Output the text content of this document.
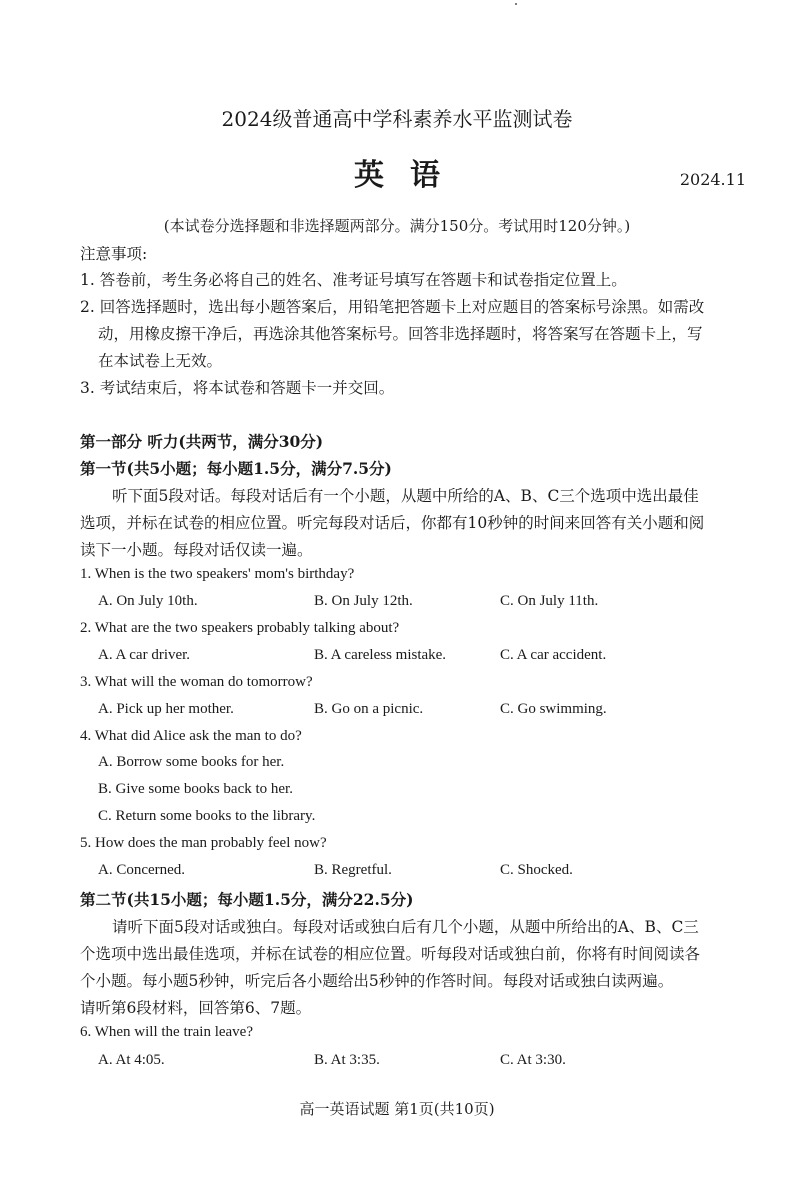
2024级普通高中学科素养水平监测试卷
英语	2024.11
(本试卷分选择题和非选择题两部分。满分150分。考试用时120分钟。)
注意事项:
1. 答卷前，考生务必将自己的姓名、准考证号填写在答题卡和试卷指定位置上。
2. 回答选择题时，选出每小题答案后，用铅笔把答题卡上对应题目的答案标号涂黑。如需改
动，用橡皮擦干净后，再选涂其他答案标号。回答非选择题时，将答案写在答题卡上，写
在本试卷上无效。
3. 考试结束后，将本试卷和答题卡一并交回。
第一部分 听力(共两节，满分30分)
第一节(共5小题；每小题1.5分，满分7.5分)
听下面5段对话。每段对话后有一个小题，从题中所给的A、B、C三个选项中选出最佳
选项，并标在试卷的相应位置。听完每段对话后，你都有10秒钟的时间来回答有关小题和阅
读下一小题。每段对话仅读一遍。
1. When is the two speakers' mom's birthday?
A. On July 10th.	B. On July 12th.	C. On July 11th.
2. What are the two speakers probably talking about?
A. A car driver.	B. A careless mistake.	C. A car accident.
3. What will the woman do tomorrow?
A. Pick up her mother.	B. Go on a picnic.	C. Go swimming.
4. What did Alice ask the man to do?
A. Borrow some books for her.
B. Give some books back to her.
C. Return some books to the library.
5. How does the man probably feel now?
A. Concerned.	B. Regretful.	C. Shocked.
第二节(共15小题；每小题1.5分，满分22.5分)
请听下面5段对话或独白。每段对话或独白后有几个小题，从题中所给出的A、B、C三
个选项中选出最佳选项，并标在试卷的相应位置。听每段对话或独白前，你将有时间阅读各
个小题。每小题5秒钟，听完后各小题给出5秒钟的作答时间。每段对话或独白读两遍。
请听第6段材料，回答第6、7题。
6. When will the train leave?
A. At 4:05.	B. At 3:35.	C. At 3:30.
高一英语试题 第1页(共10页)
